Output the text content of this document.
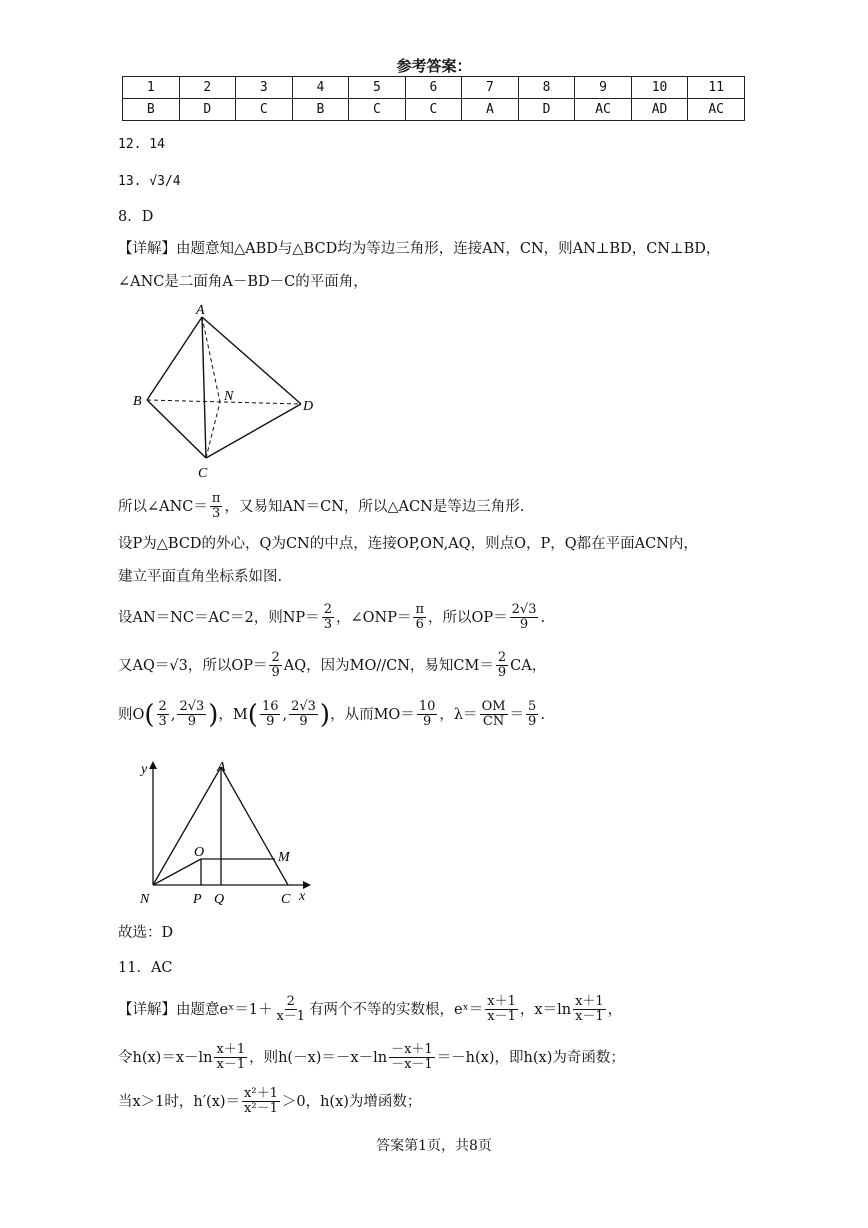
参考答案：
1	2	3	4	5	6	7	8	9	10	11
B	D	C	B	C	C	A	D	AC	AD	AC
12. 14
13. √3/4
8．D
【详解】由题意知△ABD与△BCD均为等边三角形，连接AN，CN，则AN⊥BD，CN⊥BD，
∠ANC是二面角A－BD－C的平面角，
A
B	N
D
C
所以∠ANC＝ $\frac{\pi}{3}$ ，又易知AN＝CN，所以△ACN是等边三角形.
设P为△BCD的外心，Q为CN的中点，连接OP,ON,AQ，则点O，P，Q都在平面ACN内，
建立平面直角坐标系如图.
设AN＝NC＝AC＝2，则$NP= \frac{2}{3}$ ，∠ONP＝ $\frac{\pi}{6}$ ，所以$OP= \frac{2√3}{9}$ .
又AQ＝√3，所以$OP= \frac{2}{9}$ AQ，因为MO//CN，易知$CM= \frac{2}{9}$ CA，
则$O( \frac{2}{3}$ , $\frac{2√3}{9}$ )，$M( \frac{16}{9}$ , $\frac{2√3}{9}$ )，从而$MO= \frac{10}{9}$ ，$\lambda= \frac{OM}{CN} = \frac{5}{9}$ .
y	A
O	M
N	P Q	C x
故选：D
11．AC
【详解】由题意eˣ＝1＋ $\frac{2}{x-1}$ 有两个不等的实数根，eˣ＝ $\frac{x+1}{x-1}$ ，$x=\ln \frac{x+1}{x-1}$ ，
令$h(x)=x-\ln \frac{x+1}{x-1}$ ，则$h(-x)=-x-\ln \frac{-x+1}{-x-1} =-h(x)$，即h(x)为奇函数；
当x＞1时，$h'(x)= \frac{\text{x²＋1}}{\text{x²－1}} >0$，h(x)为增函数；
答案第1页，共8页
